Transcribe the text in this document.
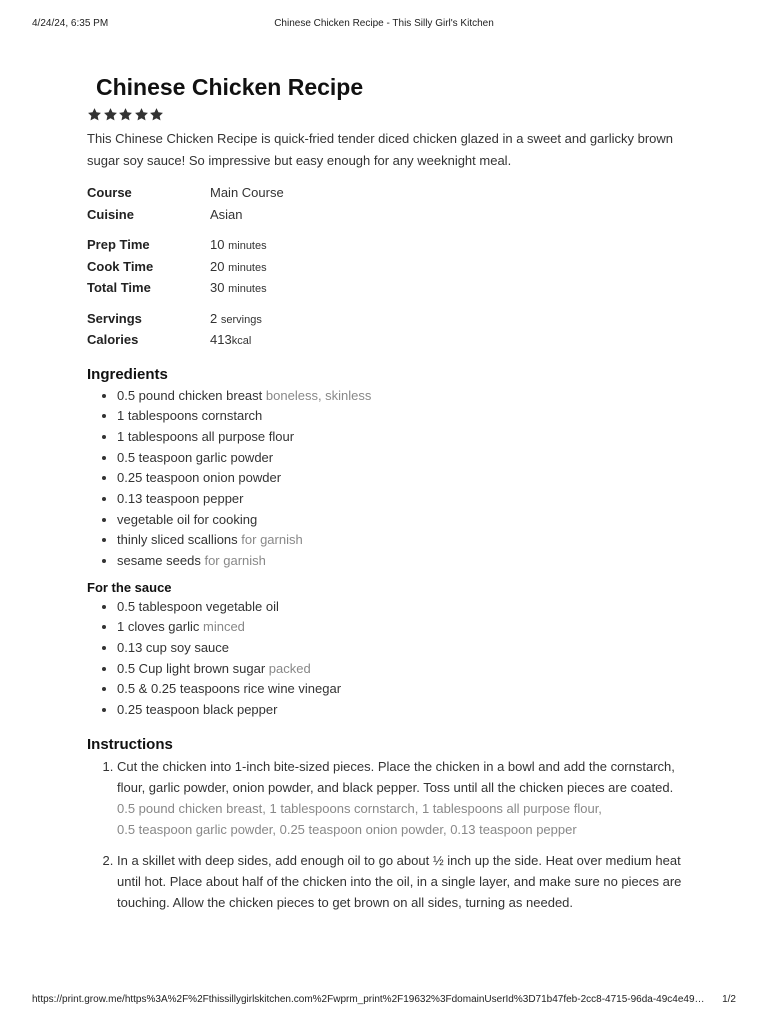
4/24/24, 6:35 PM	Chinese Chicken Recipe - This Silly Girl's Kitchen
Chinese Chicken Recipe

This Chinese Chicken Recipe is quick-fried tender diced chicken glazed in a sweet and garlicky brown sugar soy sauce! So impressive but easy enough for any weeknight meal.

Course	Main Course
Cuisine	Asian
Prep Time	10 minutes
Cook Time	20 minutes
Total Time	30 minutes
Servings	2 servings
Calories	413kcal
Ingredients
• 0.5 pound chicken breast boneless, skinless
• 1 tablespoons cornstarch
• 1 tablespoons all purpose flour
• 0.5 teaspoon garlic powder
• 0.25 teaspoon onion powder
• 0.13 teaspoon pepper
• vegetable oil for cooking
• thinly sliced scallions for garnish
• sesame seeds for garnish
For the sauce
• 0.5 tablespoon vegetable oil
• 1 cloves garlic minced
• 0.13 cup soy sauce
• 0.5 Cup light brown sugar packed
• 0.5 & 0.25 teaspoons rice wine vinegar
• 0.25 teaspoon black pepper
Instructions
1. Cut the chicken into 1-inch bite-sized pieces. Place the chicken in a bowl and add the cornstarch, flour, garlic powder, onion powder, and black pepper. Toss until all the chicken pieces are coated.
0.5 pound chicken breast, 1 tablespoons cornstarch, 1 tablespoons all purpose flour,
0.5 teaspoon garlic powder, 0.25 teaspoon onion powder, 0.13 teaspoon pepper
2. In a skillet with deep sides, add enough oil to go about ½ inch up the side. Heat over medium heat until hot. Place about half of the chicken into the oil, in a single layer, and make sure no pieces are touching. Allow the chicken pieces to get brown on all sides, turning as needed.
https://print.grow.me/https%3A%2F%2Fthissillygirlskitchen.com%2Fwprm_print%2F19632%3FdomainUserId%3D71b47feb-2cc8-4715-96da-49c4e49…	1/2
